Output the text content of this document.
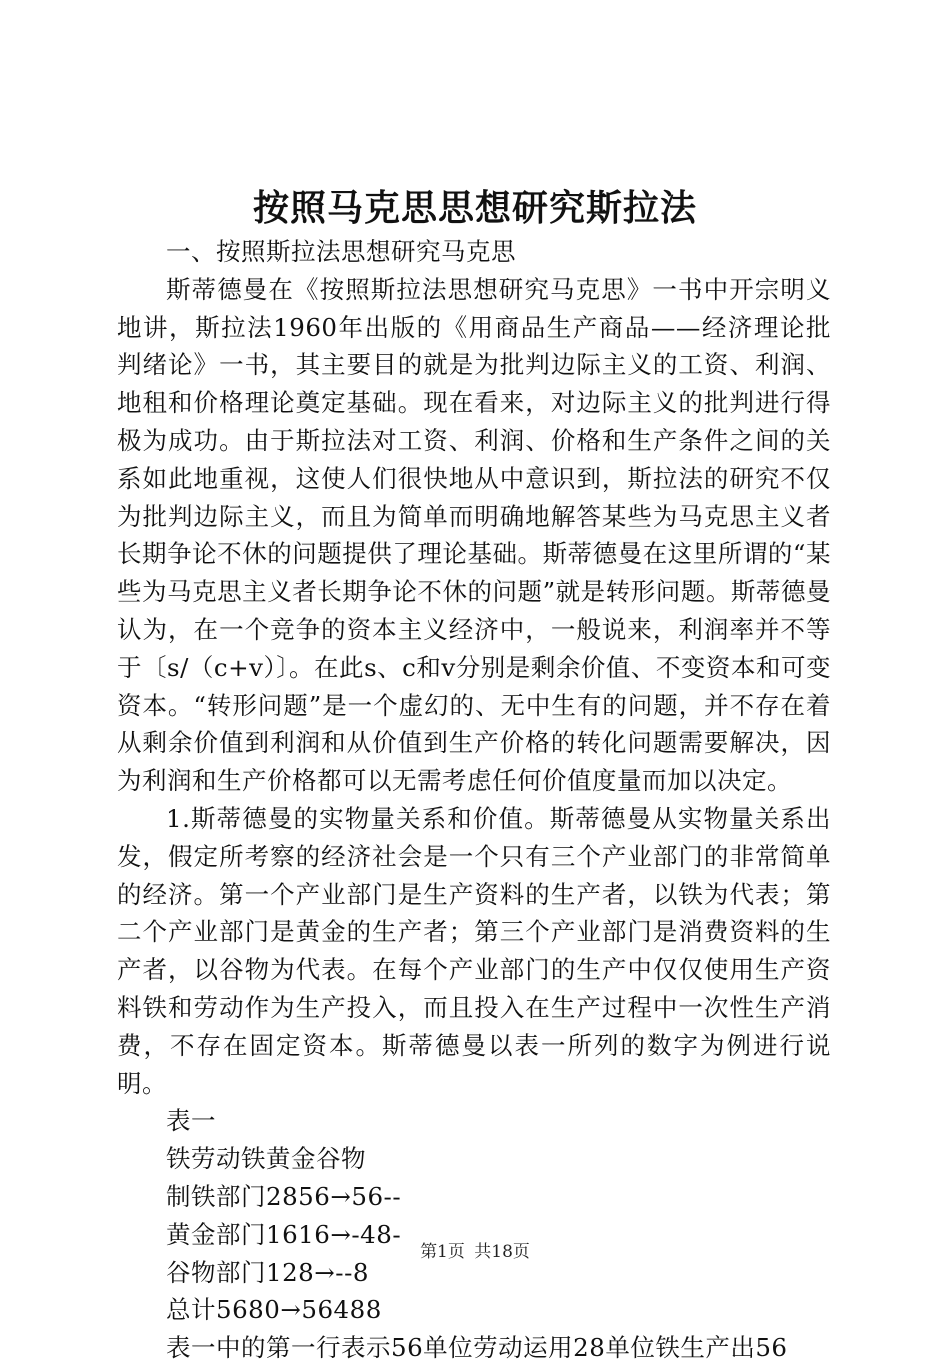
按照马克思思想研究斯拉法

一、按照斯拉法思想研究马克思

斯蒂德曼在《按照斯拉法思想研究马克思》一书中开宗明义地讲，斯拉法1960年出版的《用商品生产商品——经济理论批判绪论》一书，其主要目的就是为批判边际主义的工资、利润、地租和价格理论奠定基础。现在看来，对边际主义的批判进行得极为成功。由于斯拉法对工资、利润、价格和生产条件之间的关系如此地重视，这使人们很快地从中意识到，斯拉法的研究不仅为批判边际主义，而且为简单而明确地解答某些为马克思主义者长期争论不休的问题提供了理论基础。斯蒂德曼在这里所谓的“某些为马克思主义者长期争论不休的问题”就是转形问题。斯蒂德曼认为，在一个竞争的资本主义经济中，一般说来，利润率并不等于〔s/（c+v）〕。在此s、c和v分别是剩余价值、不变资本和可变资本。“转形问题”是一个虚幻的、无中生有的问题，并不存在着从剩余价值到利润和从价值到生产价格的转化问题需要解决，因为利润和生产价格都可以无需考虑任何价值度量而加以决定。

1.斯蒂德曼的实物量关系和价值。斯蒂德曼从实物量关系出发，假定所考察的经济社会是一个只有三个产业部门的非常简单的经济。第一个产业部门是生产资料的生产者，以铁为代表；第二个产业部门是黄金的生产者；第三个产业部门是消费资料的生产者，以谷物为代表。在每个产业部门的生产中仅仅使用生产资料铁和劳动作为生产投入，而且投入在生产过程中一次性生产消费，不存在固定资本。斯蒂德曼以表一所列的数字为例进行说明。

表一

铁劳动铁黄金谷物

制铁部门2856→56--

黄金部门1616→-48-

谷物部门128→--8

总计5680→56488

表一中的第一行表示56单位劳动运用28单位铁生产出56

第1页 共18页
